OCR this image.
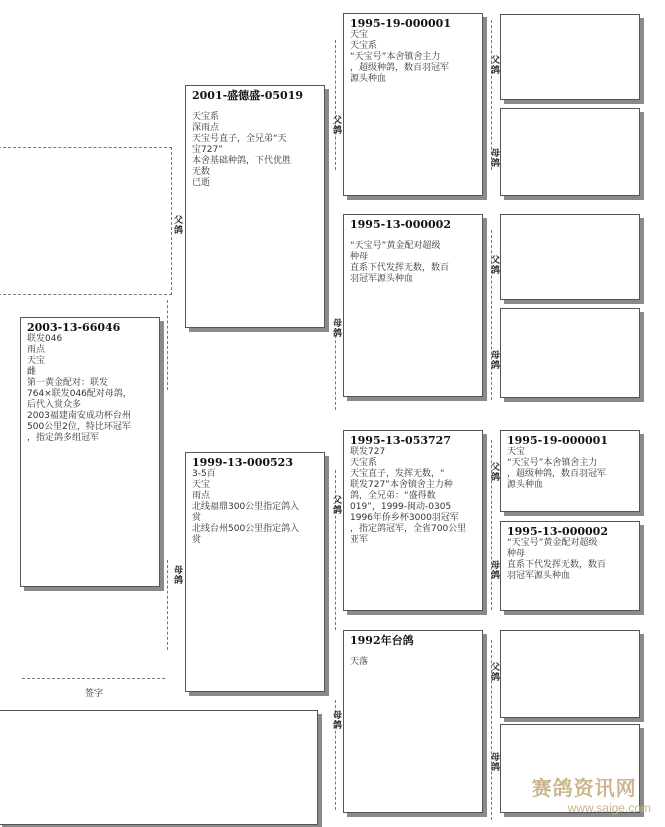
父鸽
母鸽
父鸽
母鸽
父鸽
母鸽
父鸽
母鸽
父鸽
母鸽
父鸽
母鸽
父鸽
母鸽
2003-13-66046
联发046
雨点
天宝
雌
第一黄金配对：联发
764×联发046配对母鸽，
后代入赏众多
2003福建南安成功杯台州
500公里2位，特比环冠军
，指定鸽多组冠军
签字
2001-盛德盛-05019
天宝系
深雨点
天宝号直子，全兄弟“天
宝727”
本舍基础种鸽，下代优胜
无数
已逝
1999-13-000523
3-5百
天宝
雨点
北线福鼎300公里指定鸽入
赏
北线台州500公里指定鸽入
赏
1995-19-000001
天宝
天宝系
“天宝号”本舍镇舍主力
，超级种鸽，数百羽冠军
源头种血
1995-13-000002
“天宝号”黄金配对超级
种母
直系下代发挥无数，数百
羽冠军源头种血
1995-13-053727
联发727
天宝系
天宝直子，发挥无数，“
联发727”本舍镇舍主力种
鸽，全兄弟：“盛得数
019”，1999-闽动-0305
1996年侨乡杯3000羽冠军
，指定鸽冠军，全省700公里
亚军
1992年台鸽
天落
1995-19-000001
天宝
“天宝号”本舍镇舍主力
，超级种鸽，数百羽冠军
源头种血
1995-13-000002
“天宝号”黄金配对超级
种母
直系下代发挥无数，数百
羽冠军源头种血
赛鸽资讯网
www.saige.com
